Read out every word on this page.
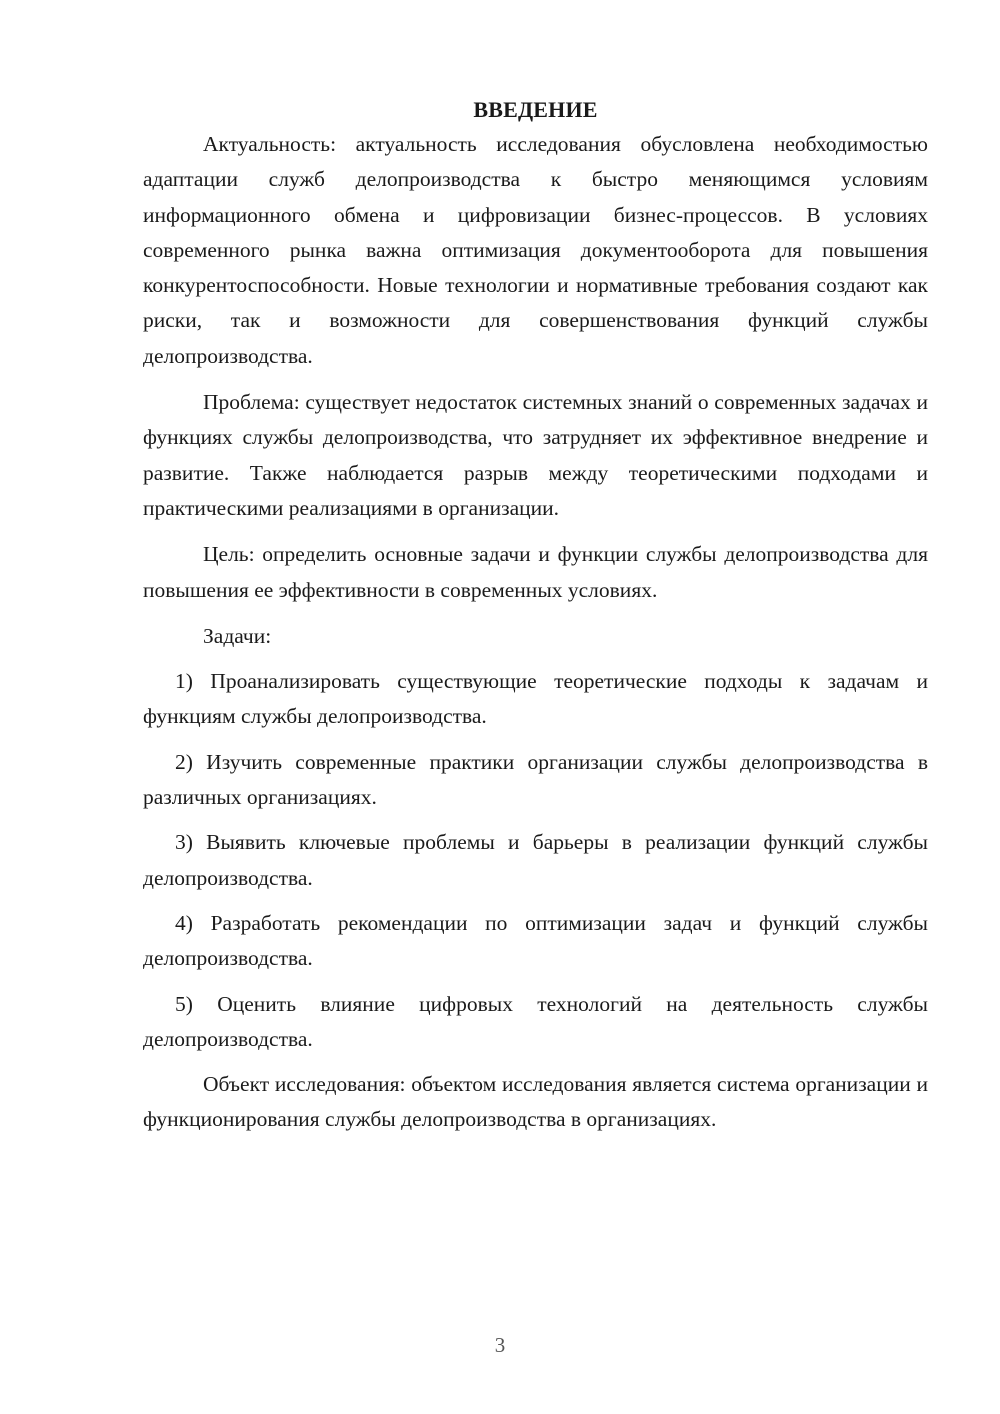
ВВЕДЕНИЕ

Актуальность: актуальность исследования обусловлена необходимостью адаптации служб делопроизводства к быстро меняющимся условиям информационного обмена и цифровизации бизнес-процессов. В условиях современного рынка важна оптимизация документооборота для повышения конкурентоспособности. Новые технологии и нормативные требования создают как риски, так и возможности для совершенствования функций службы делопроизводства.

Проблема: существует недостаток системных знаний о современных задачах и функциях службы делопроизводства, что затрудняет их эффективное внедрение и развитие. Также наблюдается разрыв между теоретическими подходами и практическими реализациями в организации.

Цель: определить основные задачи и функции службы делопроизводства для повышения ее эффективности в современных условиях.

Задачи:

1) Проанализировать существующие теоретические подходы к задачам и функциям службы делопроизводства.

2) Изучить современные практики организации службы делопроизводства в различных организациях.

3) Выявить ключевые проблемы и барьеры в реализации функций службы делопроизводства.

4) Разработать рекомендации по оптимизации задач и функций службы делопроизводства.

5) Оценить влияние цифровых технологий на деятельность службы делопроизводства.

Объект исследования: объектом исследования является система организации и функционирования службы делопроизводства в организациях.

3
